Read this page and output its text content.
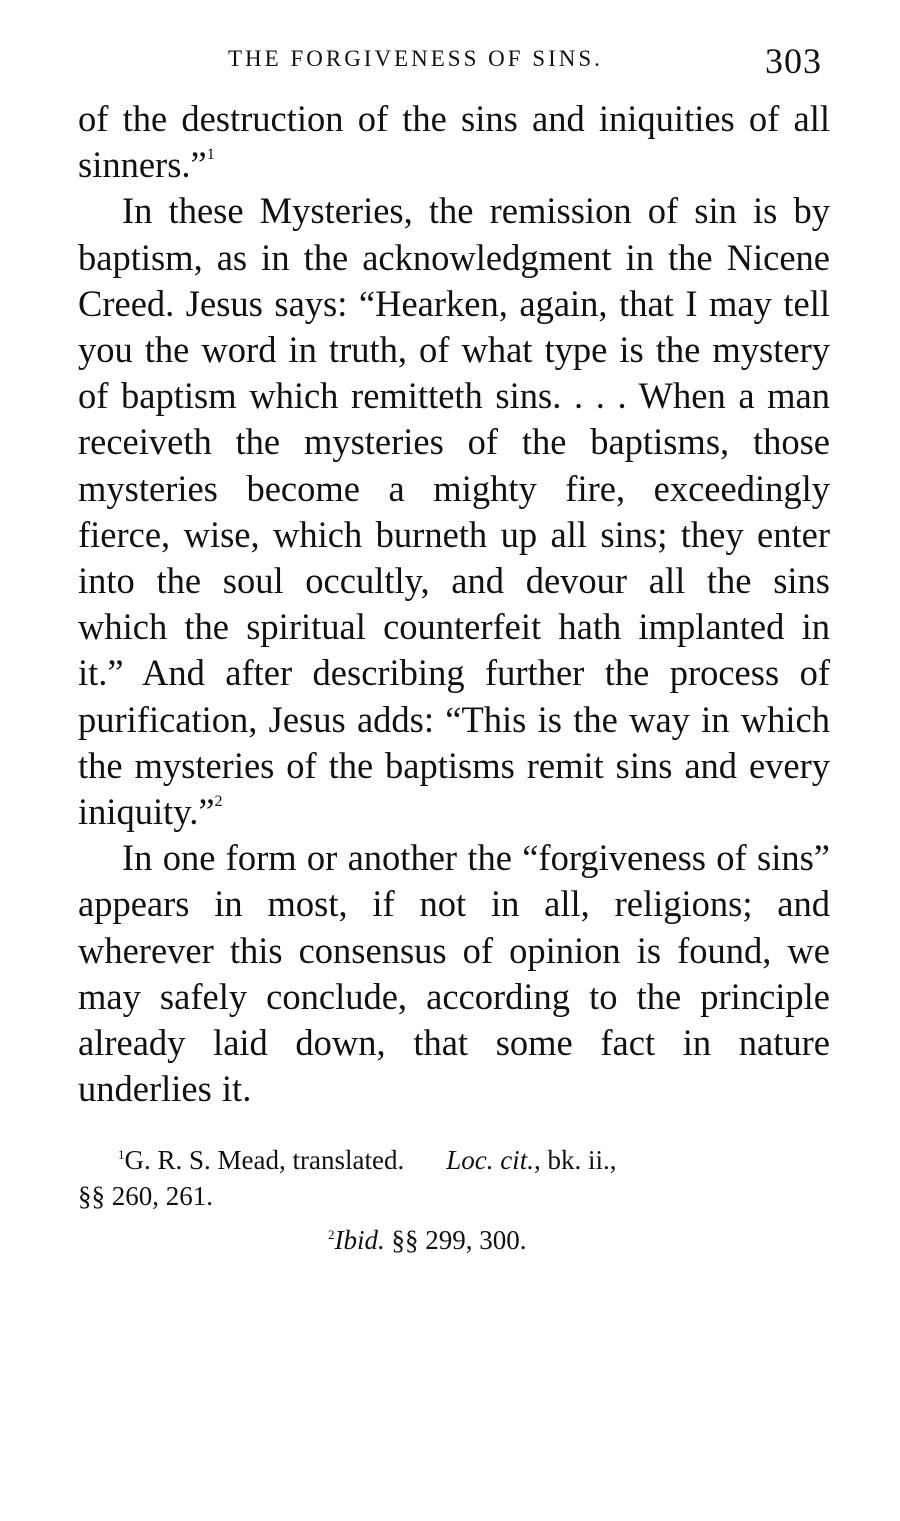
THE FORGIVENESS OF SINS.	303

of the destruction of the sins and iniquities of all sinners.”$^1$

In these Mysteries, the remission of sin is by baptism, as in the acknowledgment in the Nicene Creed. Jesus says: “Hearken, again, that I may tell you the word in truth, of what type is the mystery of baptism which remitteth sins. . . . When a man receiveth the mysteries of the baptisms, those mysteries become a mighty fire, exceedingly fierce, wise, which burneth up all sins; they enter into the soul occultly, and devour all the sins which the spiritual counterfeit hath implanted in it.” And after describing further the process of purification, Jesus adds: “This is the way in which the mysteries of the baptisms remit sins and every iniquity.”$^2$

In one form or another the “forgiveness of sins” appears in most, if not in all, religions; and wherever this consensus of opinion is found, we may safely conclude, according to the principle already laid down, that some fact in nature underlies it.

$^1$G. R. S. Mead, translated. Loc. cit., bk. ii.,

§§ 260, 261.

$^2$Ibid. §§ 299, 300.
